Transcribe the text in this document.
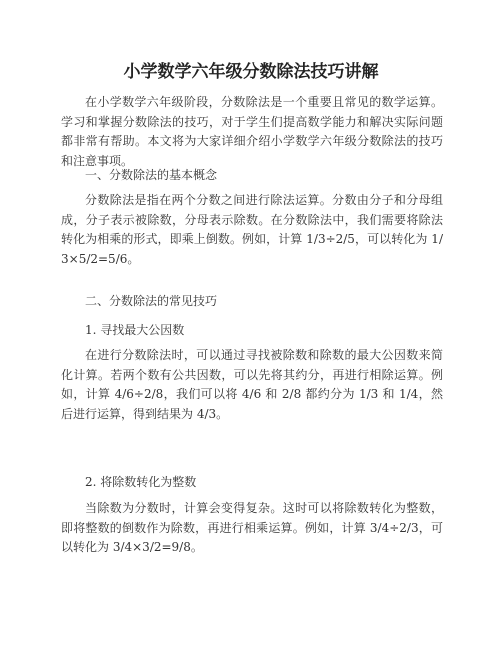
小学数学六年级分数除法技巧讲解

在小学数学六年级阶段，分数除法是一个重要且常见的数学运算。学习和掌握分数除法的技巧，对于学生们提高数学能力和解决实际问题都非常有帮助。本文将为大家详细介绍小学数学六年级分数除法的技巧和注意事项。

一、分数除法的基本概念

分数除法是指在两个分数之间进行除法运算。分数由分子和分母组成，分子表示被除数，分母表示除数。在分数除法中，我们需要将除法转化为相乘的形式，即乘上倒数。例如，计算 1/3÷2/5，可以转化为 1/3×5/2=5/6。

二、分数除法的常见技巧

1. 寻找最大公因数

在进行分数除法时，可以通过寻找被除数和除数的最大公因数来简化计算。若两个数有公共因数，可以先将其约分，再进行相除运算。例如，计算 4/6÷2/8，我们可以将 4/6 和 2/8 都约分为 1/3 和 1/4，然后进行运算，得到结果为 4/3。

2. 将除数转化为整数

当除数为分数时，计算会变得复杂。这时可以将除数转化为整数，即将整数的倒数作为除数，再进行相乘运算。例如，计算 3/4÷2/3，可以转化为 3/4×3/2=9/8。
